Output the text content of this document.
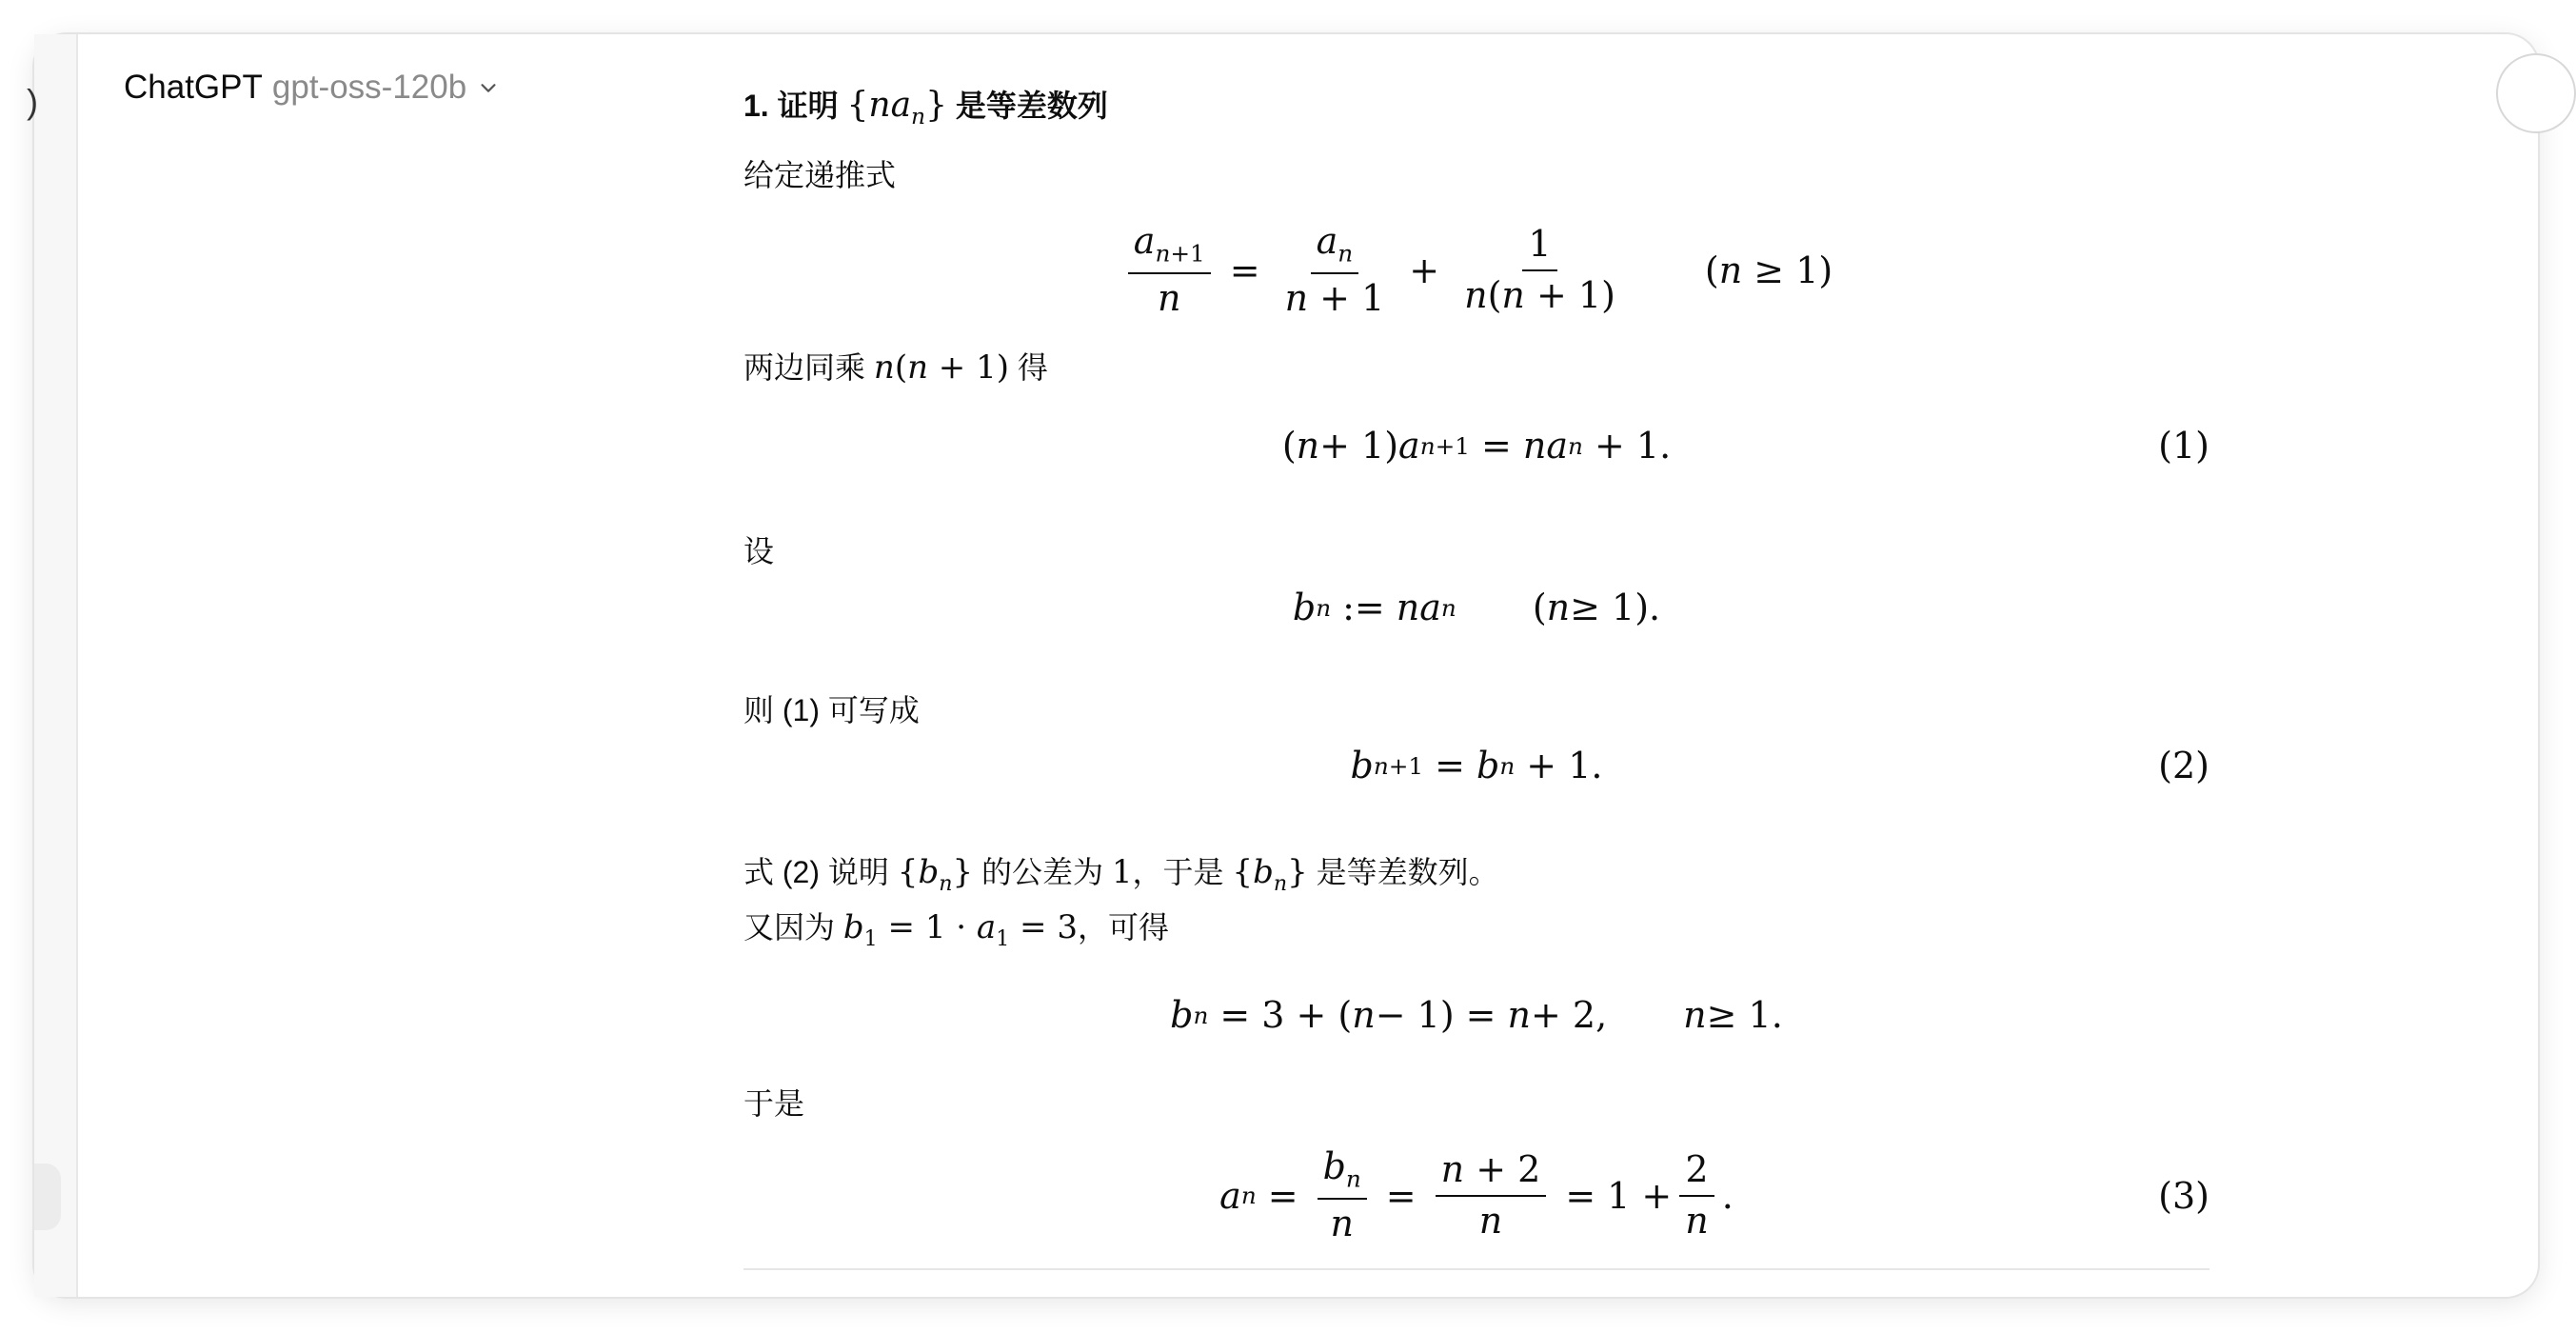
)	ChatGPT gpt-oss-120b	1. 证明 $\{na_n\}$ 是等差数列
给定递推式
$\frac{a_{n+1}}{n} = \frac{a_n}{n + 1} + \frac{1}{n(n + 1)} (n \ge 1)$
两边同乘 n(n + 1) 得
( n + 1) a n+1 = na n + 1.	(1)
设
b n := na n ( n ≥ 1).
则 (1) 可写成
b n+1 = b n + 1.	(2)
式 (2) 说明 $\{b_n\}$ 的公差为 1，于是 $\{b_n\}$ 是等差数列。
又因为 $b_1 = 1 \cdot a_1 = 3$，可得
b n = 3 + ( n − 1) = n + 2, n ≥ 1.
于是
a $n = \frac{b_n}{n} = \frac{n + 2}{n} = 1 + \frac{2}{n}$ .	(3)
